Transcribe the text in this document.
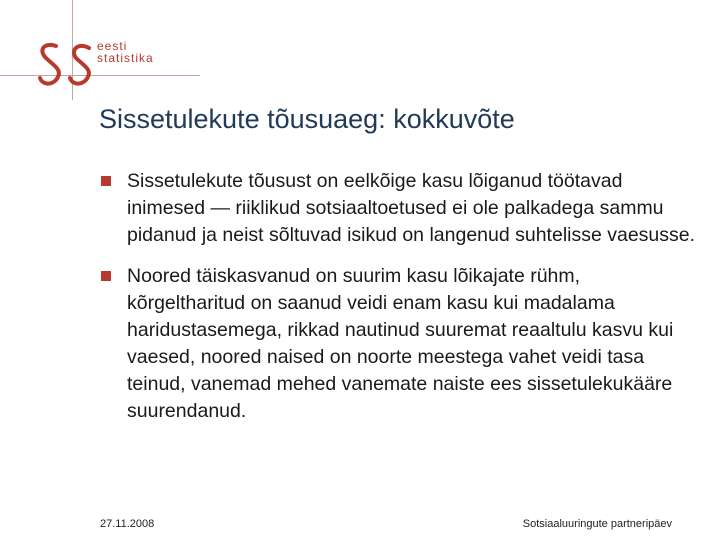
eesti
statistika
Sissetulekute tõusuaeg: kokkuvõte
Sissetulekute tõusust on eelkõige kasu lõiganud töötavad inimesed — riiklikud sotsiaaltoetused ei ole palkadega sammu pidanud ja neist sõltuvad isikud on langenud suhtelisse vaesusse.
Noored täiskasvanud on suurim kasu lõikajate rühm, kõrgeltharitud on saanud veidi enam kasu kui madalama haridustasemega, rikkad nautinud suuremat reaaltulu kasvu kui vaesed, noored naised on noorte meestega vahet veidi tasa teinud, vanemad mehed vanemate naiste ees sissetulekukääre suurendanud.
27.11.2008	Sotsiaaluuringute partneripäev
